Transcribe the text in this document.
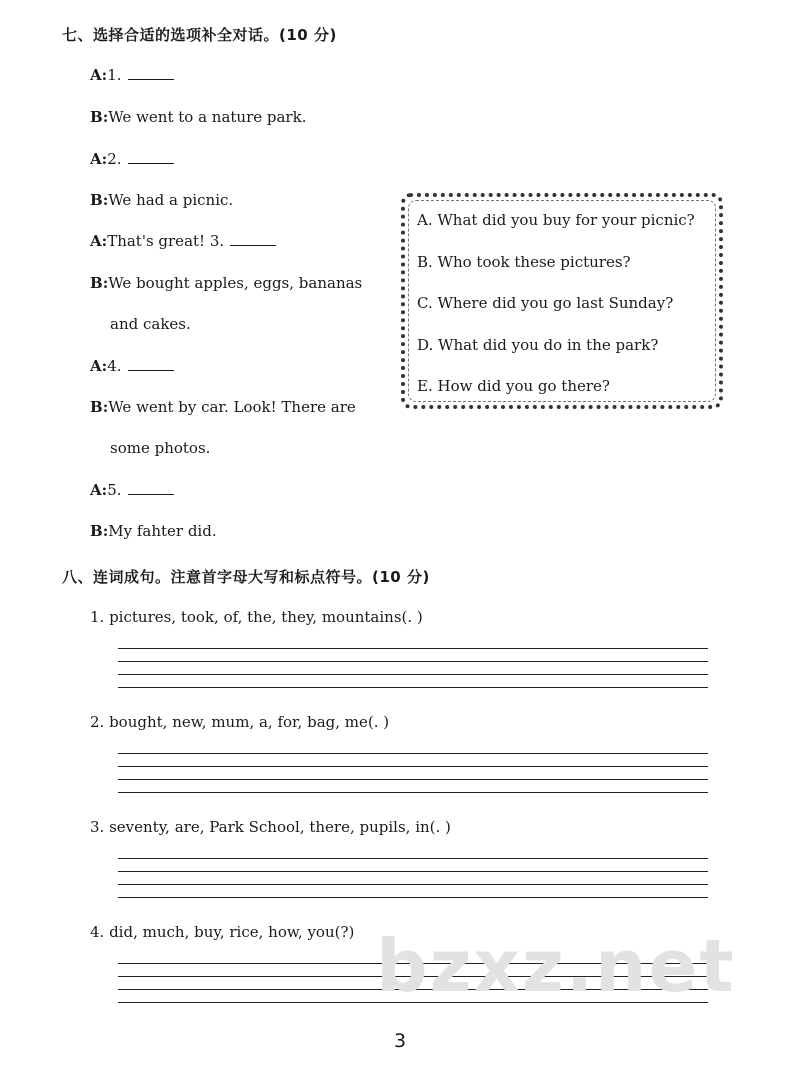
七、选择合适的选项补全对话。(10 分)
A:1.
B:We went to a nature park.
A:2.
B:We had a picnic.
A:That's great! 3.
B:We bought apples, eggs, bananas
and cakes.
A:4.
B:We went by car. Look! There are
some photos.
A:5.
B:My fahter did.
A. What did you buy for your picnic?
B. Who took these pictures?
C. Where did you go last Sunday?
D. What did you do in the park?
E. How did you go there?
八、连词成句。注意首字母大写和标点符号。(10 分)
1. pictures, took, of, the, they, mountains(. )
2. bought, new, mum, a, for, bag, me(. )
3. seventy, are, Park School, there, pupils, in(. )
4. did, much, buy, rice, how, you(?) bzxz.net
3
